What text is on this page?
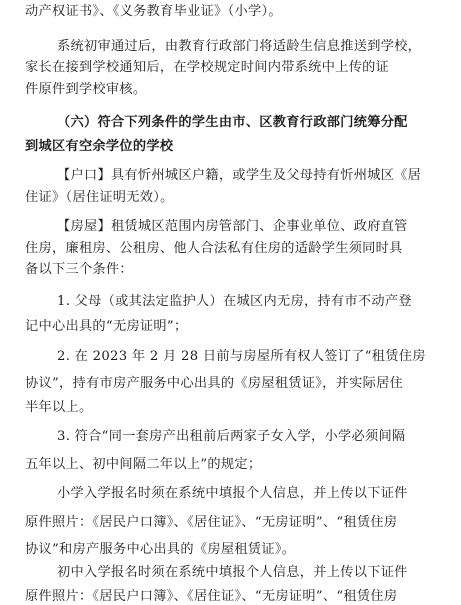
动产权证书》、《义务教育毕业证》（小学）。
系统初审通过后，由教育行政部门将适龄生信息推送到学校，
家长在接到学校通知后，在学校规定时间内带系统中上传的证
件原件到学校审核。
（六）符合下列条件的学生由市、区教育行政部门统筹分配
到城区有空余学位的学校
【户口】具有忻州城区户籍，或学生及父母持有忻州城区《居
住证》（居住证明无效）。
【房屋】租赁城区范围内房管部门、企事业单位、政府直管
住房，廉租房、公租房、他人合法私有住房的适龄学生须同时具
备以下三个条件：
1. 父母（或其法定监护人）在城区内无房，持有市不动产登
记中心出具的“无房证明”；
2. 在 2023 年 2 月 28 日前与房屋所有权人签订了“租赁住房
协议”，持有市房产服务中心出具的《房屋租赁证》，并实际居住
半年以上。
3. 符合“同一套房产出租前后两家子女入学，小学必须间隔
五年以上、初中间隔二年以上”的规定；
小学入学报名时须在系统中填报个人信息，并上传以下证件
原件照片：《居民户口簿》、《居住证》、“无房证明”、“租赁住房
协议”和房产服务中心出具的《房屋租赁证》。
初中入学报名时须在系统中填报个人信息，并上传以下证件
原件照片：《居民户口簿》、《居住证》、“无房证明”、“租赁住房
